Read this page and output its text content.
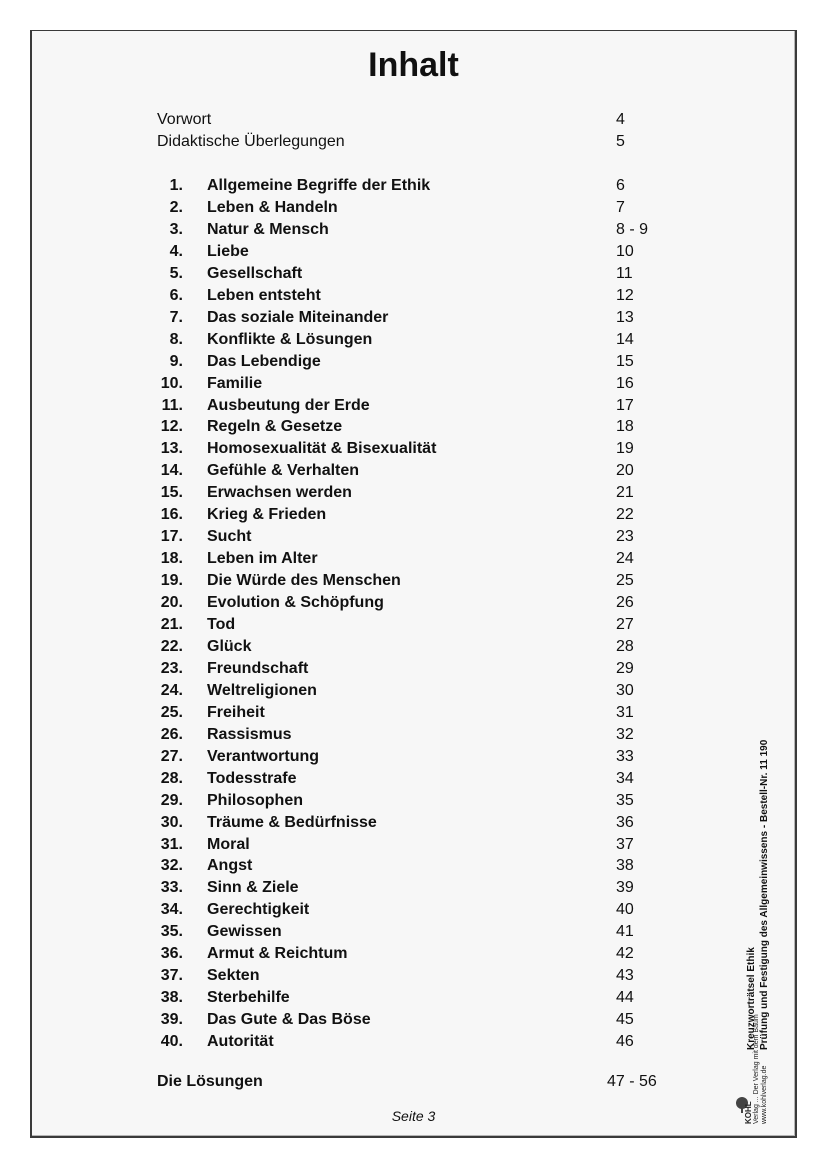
Inhalt
Vorwort	4
Didaktische Überlegungen	5
1. Allgemeine Begriffe der Ethik	6
2. Leben & Handeln	7
3. Natur & Mensch	8 - 9
4. Liebe	10
5. Gesellschaft	11
6. Leben entsteht	12
7. Das soziale Miteinander	13
8. Konflikte & Lösungen	14
9. Das Lebendige	15
10. Familie	16
11. Ausbeutung der Erde	17
12. Regeln & Gesetze	18
13. Homosexualität & Bisexualität	19
14. Gefühle & Verhalten	20
15. Erwachsen werden	21
16. Krieg & Frieden	22
17. Sucht	23
18. Leben im Alter	24
19. Die Würde des Menschen	25
20. Evolution & Schöpfung	26
21. Tod	27
22. Glück	28
23. Freundschaft	29
24. Weltreligionen	30
25. Freiheit	31
26. Rassismus	32
27. Verantwortung	33
28. Todesstrafe	34
29. Philosophen	35
30. Träume & Bedürfnisse	36
31. Moral	37
32. Angst	38
33. Sinn & Ziele	39
34. Gerechtigkeit	40
35. Gewissen	41
36. Armut & Reichtum	42
37. Sekten	43
38. Sterbehilfe	44
39. Das Gute & Das Böse	45
40. Autorität	46
Die Lösungen	47 - 56
Seite 3
Kreuzworträtsel Ethik Prüfung und Festigung des Allgemeinwissens - Bestell-Nr. 11 190
KOHL Verlag ... Der Verlag mit dem Baum www.kohlverlag.de
